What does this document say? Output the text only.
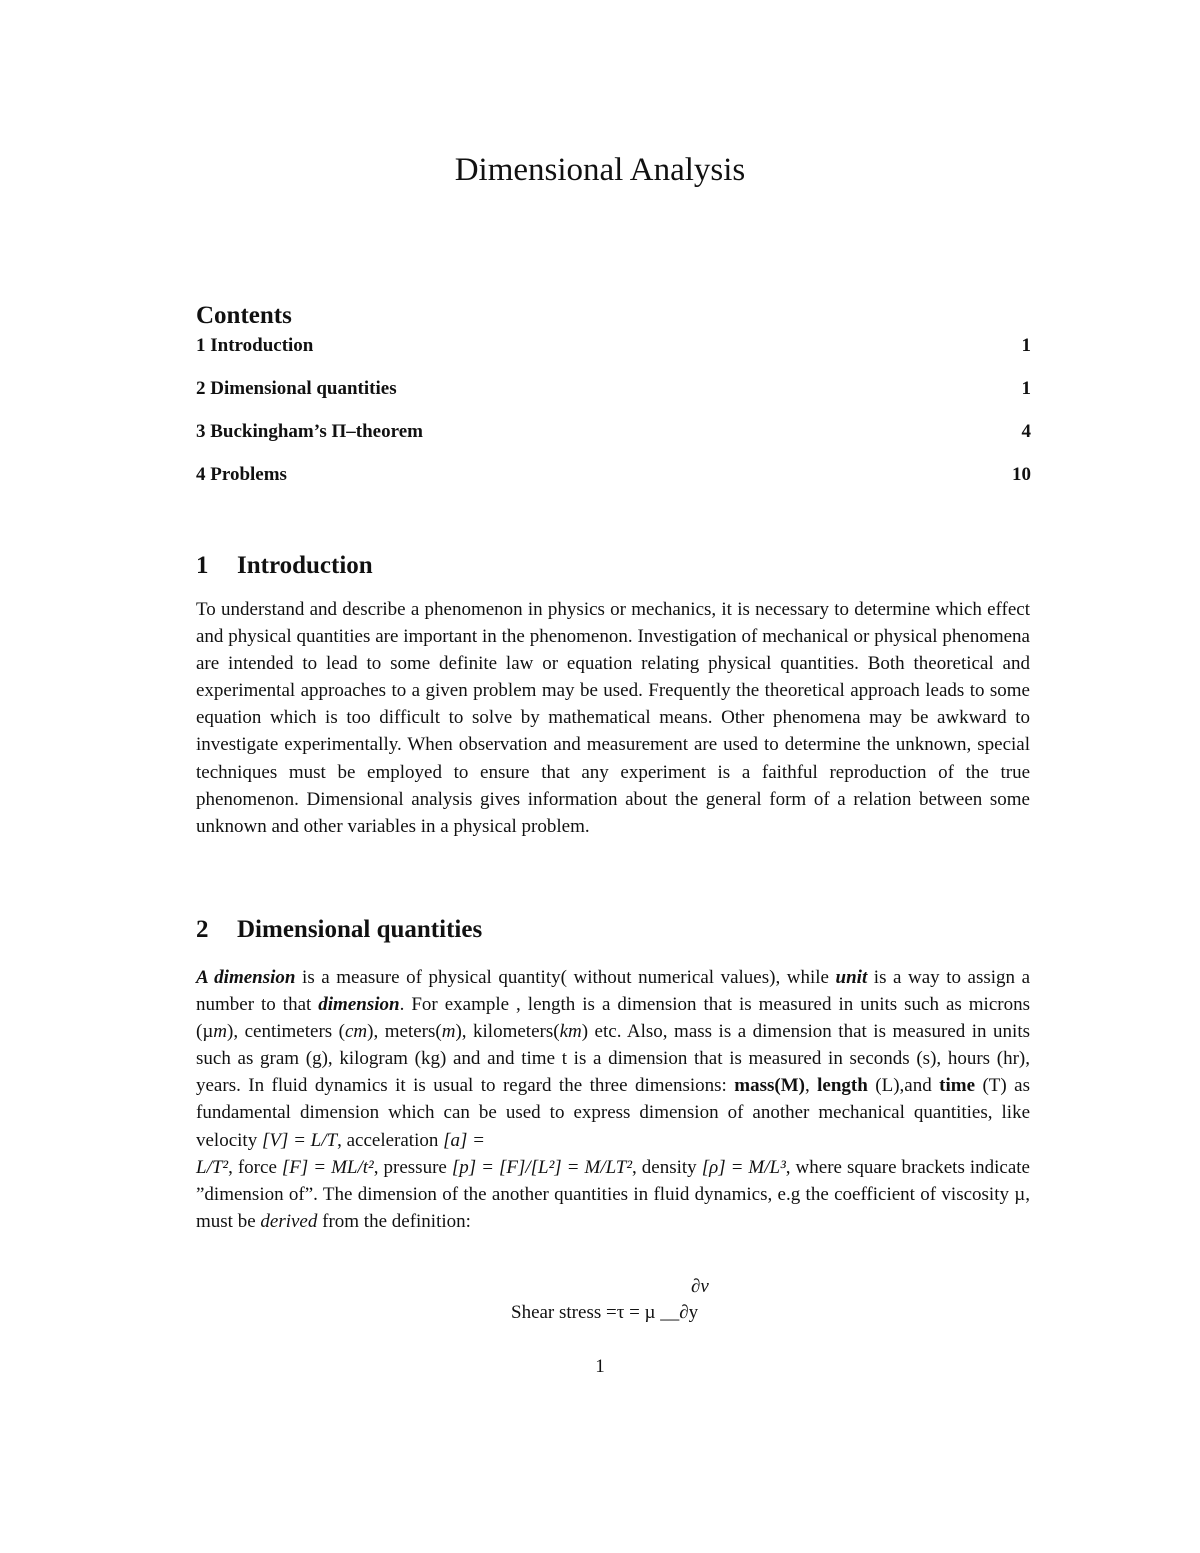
Dimensional Analysis
Contents
1 Introduction	1
2 Dimensional quantities	1
3 Buckingham’s Π–theorem	4
4 Problems	10
1	Introduction

To understand and describe a phenomenon in physics or mechanics, it is necessary to determine which effect and physical quantities are important in the phenomenon. Investigation of mechanical or physical phenomena are intended to lead to some definite law or equation relating physical quantities. Both theoretical and experimental approaches to a given problem may be used. Frequently the theoretical approach leads to some equation which is too difficult to solve by mathematical means. Other phenomena may be awkward to investigate experimentally. When observation and measurement are used to determine the unknown, special techniques must be employed to ensure that any experiment is a faithful reproduction of the true phenomenon. Dimensional analysis gives information about the general form of a relation between some unknown and other variables in a physical problem.

2	Dimensional quantities

A dimension is a measure of physical quantity( without numerical values), while unit is a way to assign a number to that dimension. For example , length is a dimension that is measured in units such as microns (µm), centimeters (cm), meters(m), kilometers(km) etc. Also, mass is a dimension that is measured in units such as gram (g), kilogram (kg) and and time t is a dimension that is measured in seconds (s), hours (hr), years. In fluid dynamics it is usual to regard the three dimensions: mass(M), length (L),and time (T) as fundamental dimension which can be used to express dimension of another mechanical quantities, like velocity [V] = L/T, acceleration [a] =
L/T², force [F] = ML/t², pressure [p] = [F]/[L²] = M/LT², density [ρ] = M/L³, where square brackets indicate ”dimension of”. The dimension of the another quantities in fluid dynamics, e.g the coefficient of viscosity µ, must be derived from the definition:

∂v
Shear stress =τ = µ __∂y
1
